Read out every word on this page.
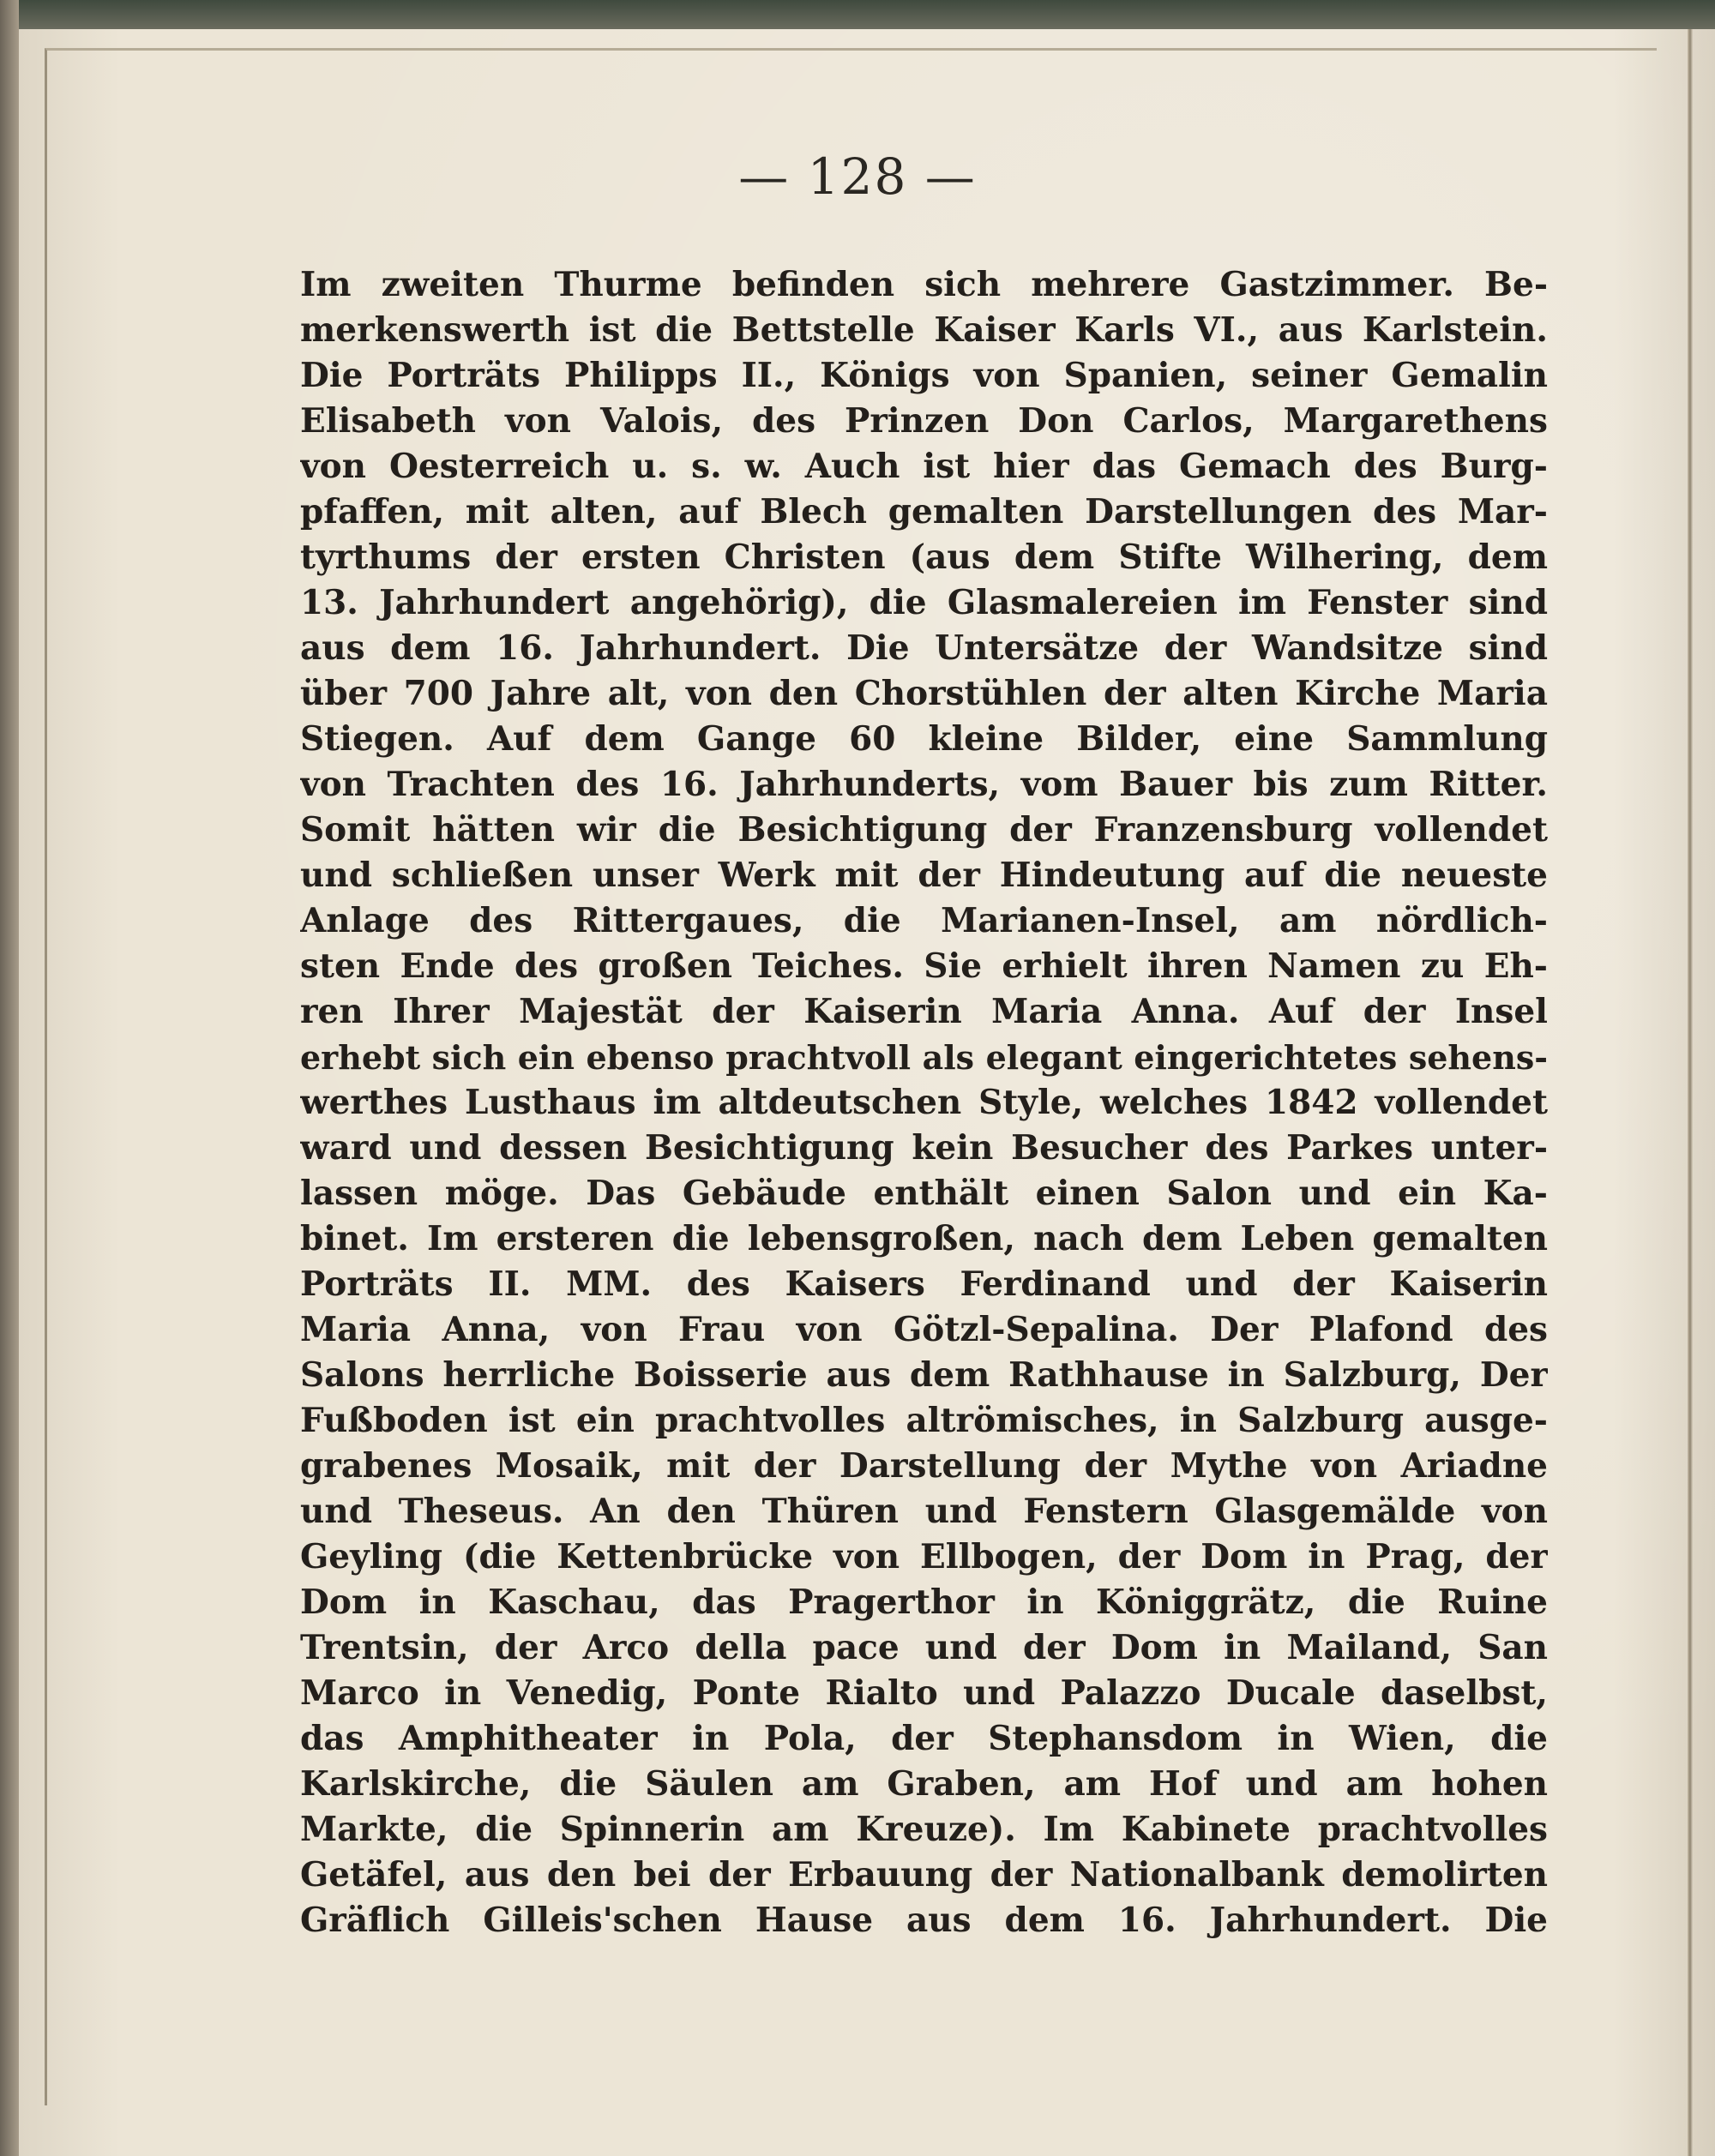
— 128 —
Im zweiten Thurme befinden sich mehrere Gastzimmer. Be-
merkenswerth ist die Bettstelle Kaiser Karls VI., aus Karlstein.
Die Porträts Philipps II., Königs von Spanien, seiner Gemalin
Elisabeth von Valois, des Prinzen Don Carlos, Margarethens
von Oesterreich u. s. w. Auch ist hier das Gemach des Burg-
pfaffen, mit alten, auf Blech gemalten Darstellungen des Mar-
tyrthums der ersten Christen (aus dem Stifte Wilhering, dem
13. Jahrhundert angehörig), die Glasmalereien im Fenster sind
aus dem 16. Jahrhundert. Die Untersätze der Wandsitze sind
über 700 Jahre alt, von den Chorstühlen der alten Kirche Maria
Stiegen. Auf dem Gange 60 kleine Bilder, eine Sammlung
von Trachten des 16. Jahrhunderts, vom Bauer bis zum Ritter.
Somit hätten wir die Besichtigung der Franzensburg vollendet
und schließen unser Werk mit der Hindeutung auf die neueste
Anlage des Rittergaues, die Marianen-Insel, am nördlich-
sten Ende des großen Teiches. Sie erhielt ihren Namen zu Eh-
ren Ihrer Majestät der Kaiserin Maria Anna. Auf der Insel
erhebt sich ein ebenso prachtvoll als elegant eingerichtetes sehens-
werthes Lusthaus im altdeutschen Style, welches 1842 vollendet
ward und dessen Besichtigung kein Besucher des Parkes unter-
lassen möge. Das Gebäude enthält einen Salon und ein Ka-
binet. Im ersteren die lebensgroßen, nach dem Leben gemalten
Porträts II. MM. des Kaisers Ferdinand und der Kaiserin
Maria Anna, von Frau von Götzl-Sepalina. Der Plafond des
Salons herrliche Boisserie aus dem Rathhause in Salzburg, Der
Fußboden ist ein prachtvolles altrömisches, in Salzburg ausge-
grabenes Mosaik, mit der Darstellung der Mythe von Ariadne
und Theseus. An den Thüren und Fenstern Glasgemälde von
Geyling (die Kettenbrücke von Ellbogen, der Dom in Prag, der
Dom in Kaschau, das Pragerthor in Königgrätz, die Ruine
Trentsin, der Arco della pace und der Dom in Mailand, San
Marco in Venedig, Ponte Rialto und Palazzo Ducale daselbst,
das Amphitheater in Pola, der Stephansdom in Wien, die
Karlskirche, die Säulen am Graben, am Hof und am hohen
Markte, die Spinnerin am Kreuze). Im Kabinete prachtvolles
Getäfel, aus den bei der Erbauung der Nationalbank demolirten
Gräflich Gilleis'schen Hause aus dem 16. Jahrhundert. Die
